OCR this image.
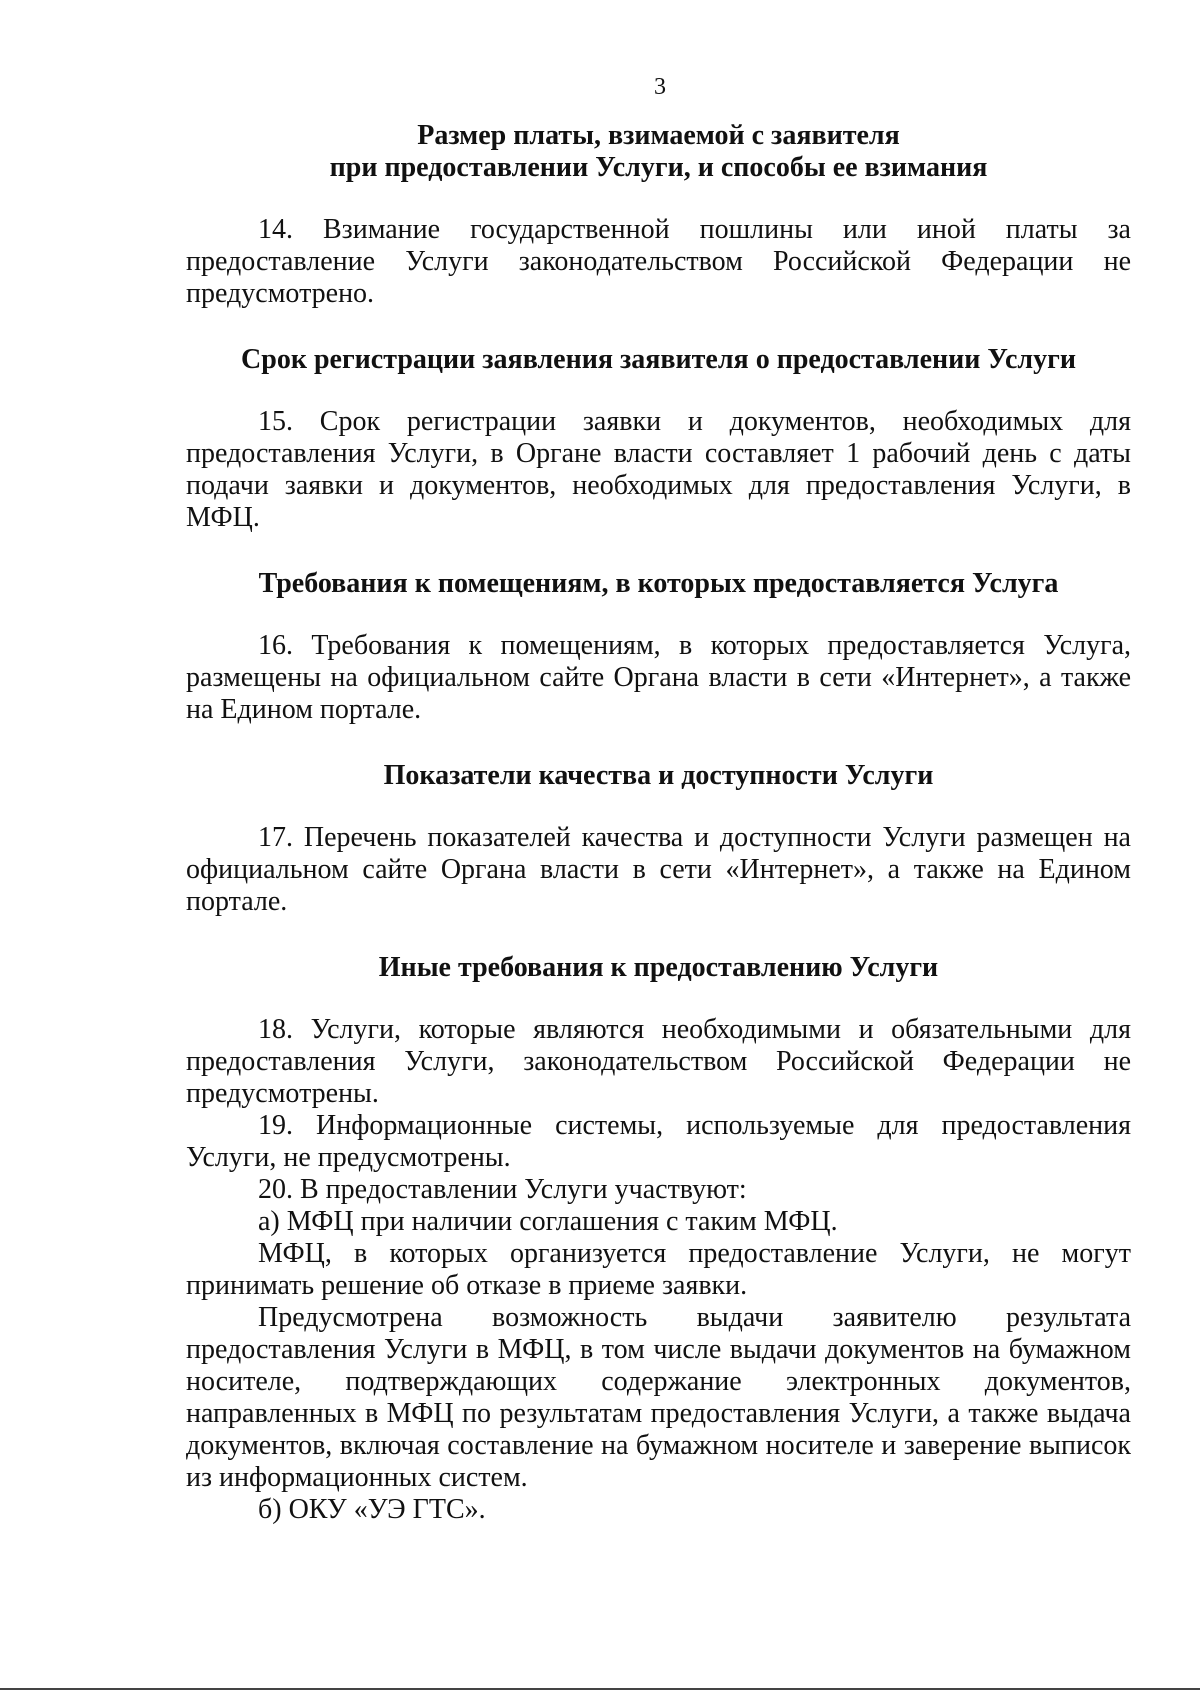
3

Размер платы, взимаемой с заявителя

при предоставлении Услуги, и способы ее взимания

14. Взимание государственной пошлины или иной платы за предоставление Услуги законодательством Российской Федерации не предусмотрено.

Срок регистрации заявления заявителя о предоставлении Услуги

15. Срок регистрации заявки и документов, необходимых для предоставления Услуги, в Органе власти составляет 1 рабочий день с даты подачи заявки и документов, необходимых для предоставления Услуги, в МФЦ.

Требования к помещениям, в которых предоставляется Услуга

16. Требования к помещениям, в которых предоставляется Услуга, размещены на официальном сайте Органа власти в сети «Интернет», а также на Едином портале.

Показатели качества и доступности Услуги

17. Перечень показателей качества и доступности Услуги размещен на официальном сайте Органа власти в сети «Интернет», а также на Едином портале.

Иные требования к предоставлению Услуги

18. Услуги, которые являются необходимыми и обязательными для предоставления Услуги, законодательством Российской Федерации не предусмотрены.

19. Информационные системы, используемые для предоставления Услуги, не предусмотрены.

20. В предоставлении Услуги участвуют:

а) МФЦ при наличии соглашения с таким МФЦ.

МФЦ, в которых организуется предоставление Услуги, не могут принимать решение об отказе в приеме заявки.

Предусмотрена возможность выдачи заявителю результата предоставления Услуги в МФЦ, в том числе выдачи документов на бумажном носителе, подтверждающих содержание электронных документов, направленных в МФЦ по результатам предоставления Услуги, а также выдача документов, включая составление на бумажном носителе и заверение выписок из информационных систем.

б) ОКУ «УЭ ГТС».
